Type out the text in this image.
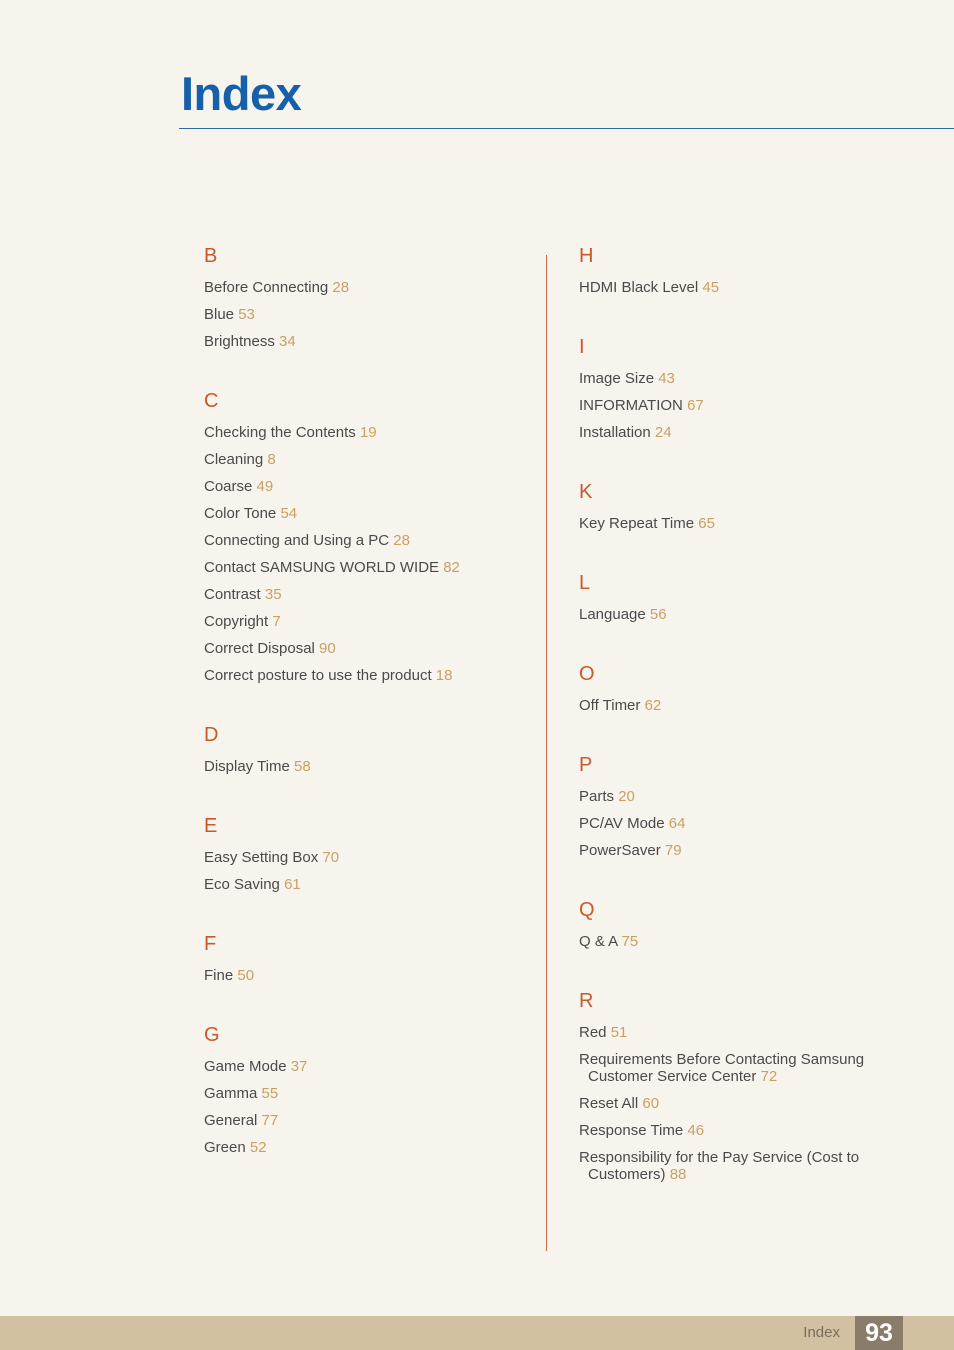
Index
B
Before Connecting 28
Blue 53
Brightness 34
C
Checking the Contents 19
Cleaning 8
Coarse 49
Color Tone 54
Connecting and Using a PC 28
Contact SAMSUNG WORLD WIDE 82
Contrast 35
Copyright 7
Correct Disposal 90
Correct posture to use the product 18
D
Display Time 58
E
Easy Setting Box 70
Eco Saving 61
F
Fine 50
G
Game Mode 37
Gamma 55
General 77
Green 52
H
HDMI Black Level 45
I
Image Size 43
INFORMATION 67
Installation 24
K
Key Repeat Time 65
L
Language 56
O
Off Timer 62
P
Parts 20
PC/AV Mode 64
PowerSaver 79
Q
Q & A 75
R
Red 51
Requirements Before Contacting Samsung
Customer Service Center 72
Reset All 60
Response Time 46
Responsibility for the Pay Service (Cost to
Customers) 88
Index	93
